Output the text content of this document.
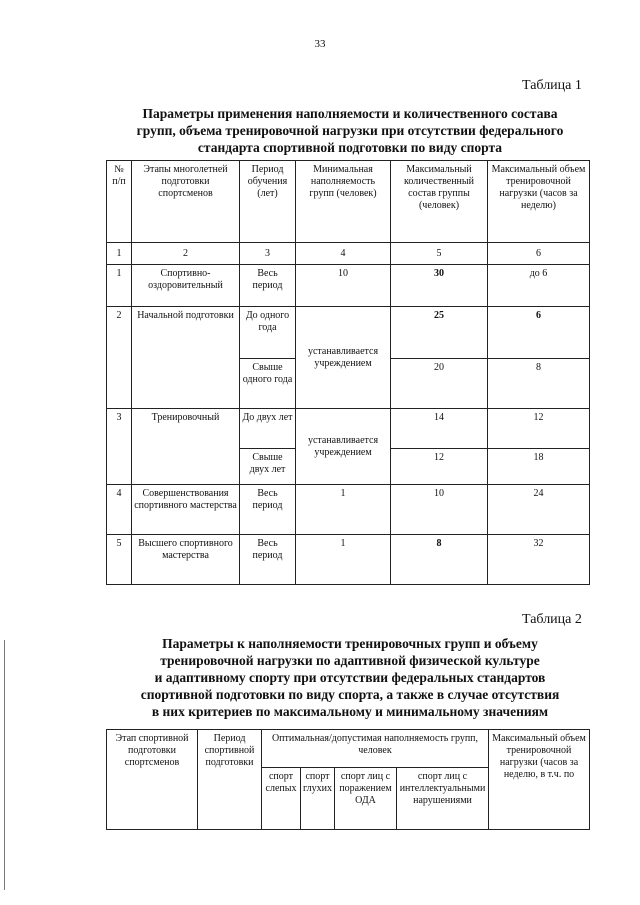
33
Таблица 1
Параметры применения наполняемости и количественного состава
групп, объема тренировочной нагрузки при отсутствии федерального
стандарта спортивной подготовки по виду спорта
№ п/п	Этапы многолетней подготовки спортсменов	Период обучения (лет)	Минимальная наполняемость групп (человек)	Максимальный количественный состав группы (человек)	Максимальный объем тренировочной нагрузки (часов за неделю)
1	2	3	4	5	6
1	Спортивно-оздоровительный	Весь период	10	30	до 6
2	Начальной подготовки	До одного года	устанавливается учреждением	25	6
		Свыше одного года		20	8
3	Тренировочный	До двух лет	устанавливается учреждением	14	12
		Свыше двух лет		12	18
4	Совершенствования спортивного мастерства	Весь период	1	10	24
5	Высшего спортивного мастерства	Весь период	1	8	32
Таблица 2
Параметры к наполняемости тренировочных групп и объему
тренировочной нагрузки по адаптивной физической культуре
и адаптивному спорту при отсутствии федеральных стандартов
спортивной подготовки по виду спорта, а также в случае отсутствия
в них критериев по максимальному и минимальному значениям
Этап спортивной подготовки спортсменов	Период спортивной подготовки	Оптимальная/допустимая наполняемость групп, человек				Максимальный объем тренировочной нагрузки (часов за неделю, в т.ч. по
		спорт слепых	спорт глухих	спорт лиц с поражением ОДА	спорт лиц с интеллектуальными нарушениями	
